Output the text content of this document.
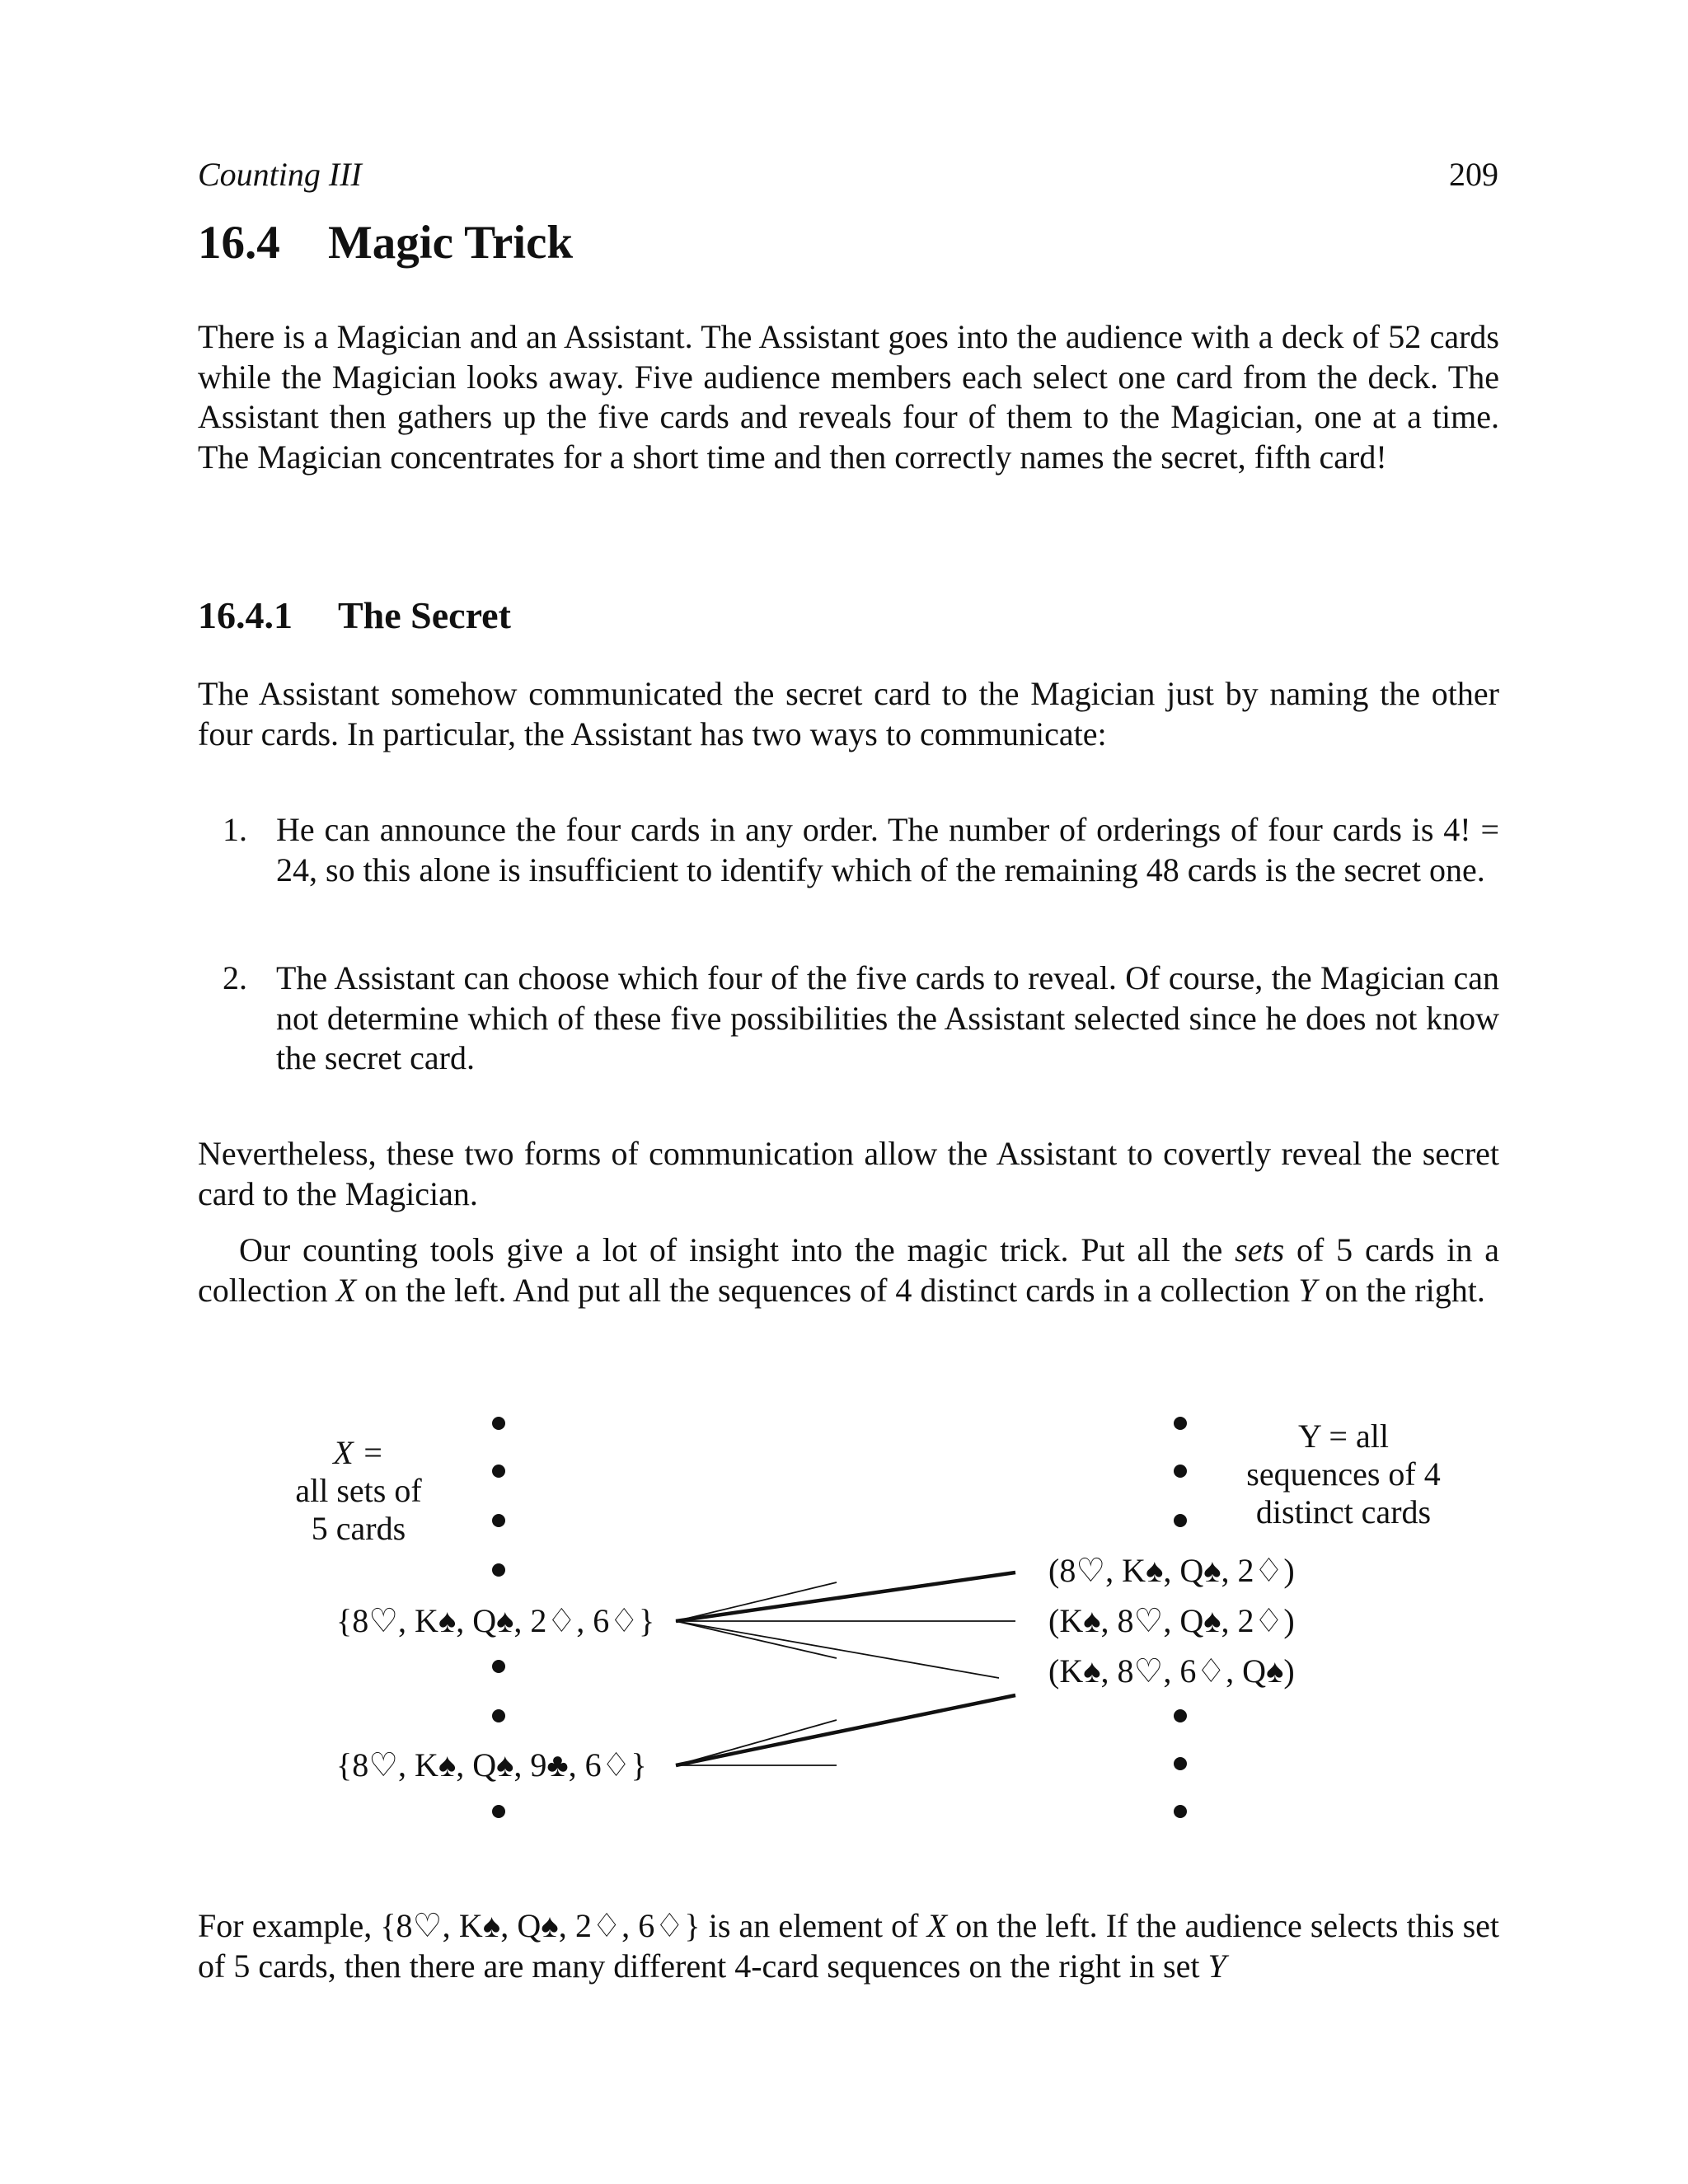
Counting III	209
16.4 Magic Trick

There is a Magician and an Assistant. The Assistant goes into the audience with a deck of 52 cards while the Magician looks away. Five audience members each select one card from the deck. The Assistant then gathers up the five cards and reveals four of them to the Magician, one at a time. The Magician concentrates for a short time and then correctly names the secret, fifth card!

16.4.1 The Secret

The Assistant somehow communicated the secret card to the Magician just by naming the other four cards. In particular, the Assistant has two ways to communicate:

1. He can announce the four cards in any order. The number of orderings of four cards is 4! = 24, so this alone is insufficient to identify which of the remaining 48 cards is the secret one.
2. The Assistant can choose which four of the five cards to reveal. Of course, the Magician can not determine which of these five possibilities the Assistant selected since he does not know the secret card.

Nevertheless, these two forms of communication allow the Assistant to covertly reveal the secret card to the Magician.

Our counting tools give a lot of insight into the magic trick. Put all the sets of 5 cards in a collection X on the left. And put all the sequences of 4 distinct cards in a collection Y on the right.

X =
all sets of
5 cards
Y = all
sequences of 4
distinct cards
{8♡, K♠, Q♠, 2♢, 6♢}
{8♡, K♠, Q♠, 9♣, 6♢}
(8♡, K♠, Q♠, 2♢)
(K♠, 8♡, Q♠, 2♢)
(K♠, 8♡, 6♢, Q♠)

For example, {8♡, K♠, Q♠, 2♢, 6♢} is an element of X on the left. If the audience selects this set of 5 cards, then there are many different 4-card sequences on the right in set Y
